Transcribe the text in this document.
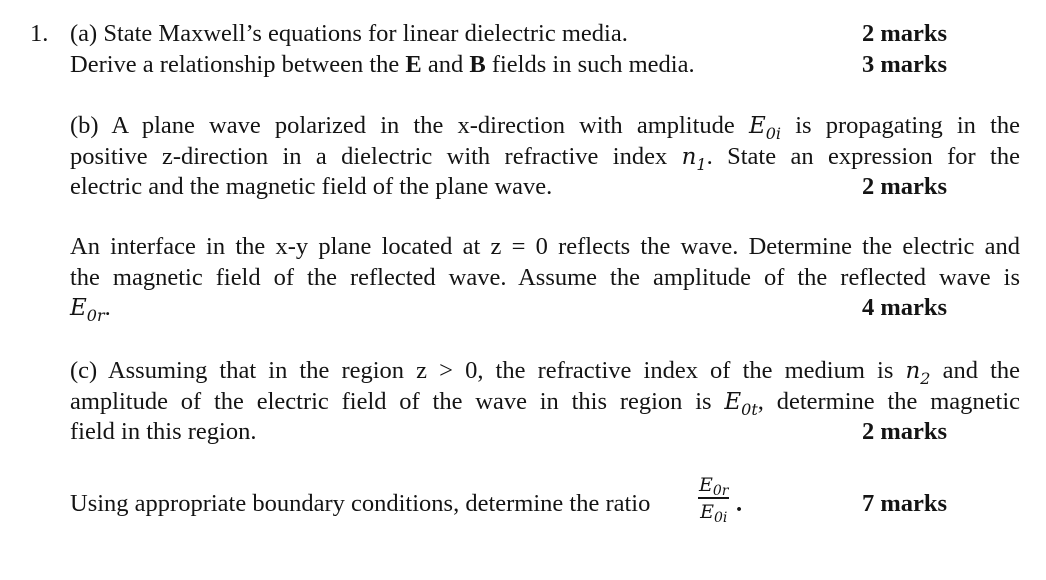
1. (a) State Maxwell’s equations for linear dielectric media.	2 marks
Derive a relationship between the E and B fields in such media.	3 marks
(b) A plane wave polarized in the x-direction with amplitude $E_{0i}$ is propagating in the
positive z-direction in a dielectric with refractive index $n_1$. State an expression for the
electric and the magnetic field of the plane wave.	2 marks
An interface in the x-y plane located at z = 0 reflects the wave. Determine the electric and
the magnetic field of the reflected wave. Assume the amplitude of the reflected wave is
$E_{0r}$.	4 marks
(c) Assuming that in the region z > 0, the refractive index of the medium is $n_2$ and the
amplitude of the electric field of the wave in this region is $E_{0t}$, determine the magnetic
field in this region.	2 marks
Using appropriate boundary conditions, determine the ratio
$E_{0r}$
$E_{0i}$
.	7 marks
